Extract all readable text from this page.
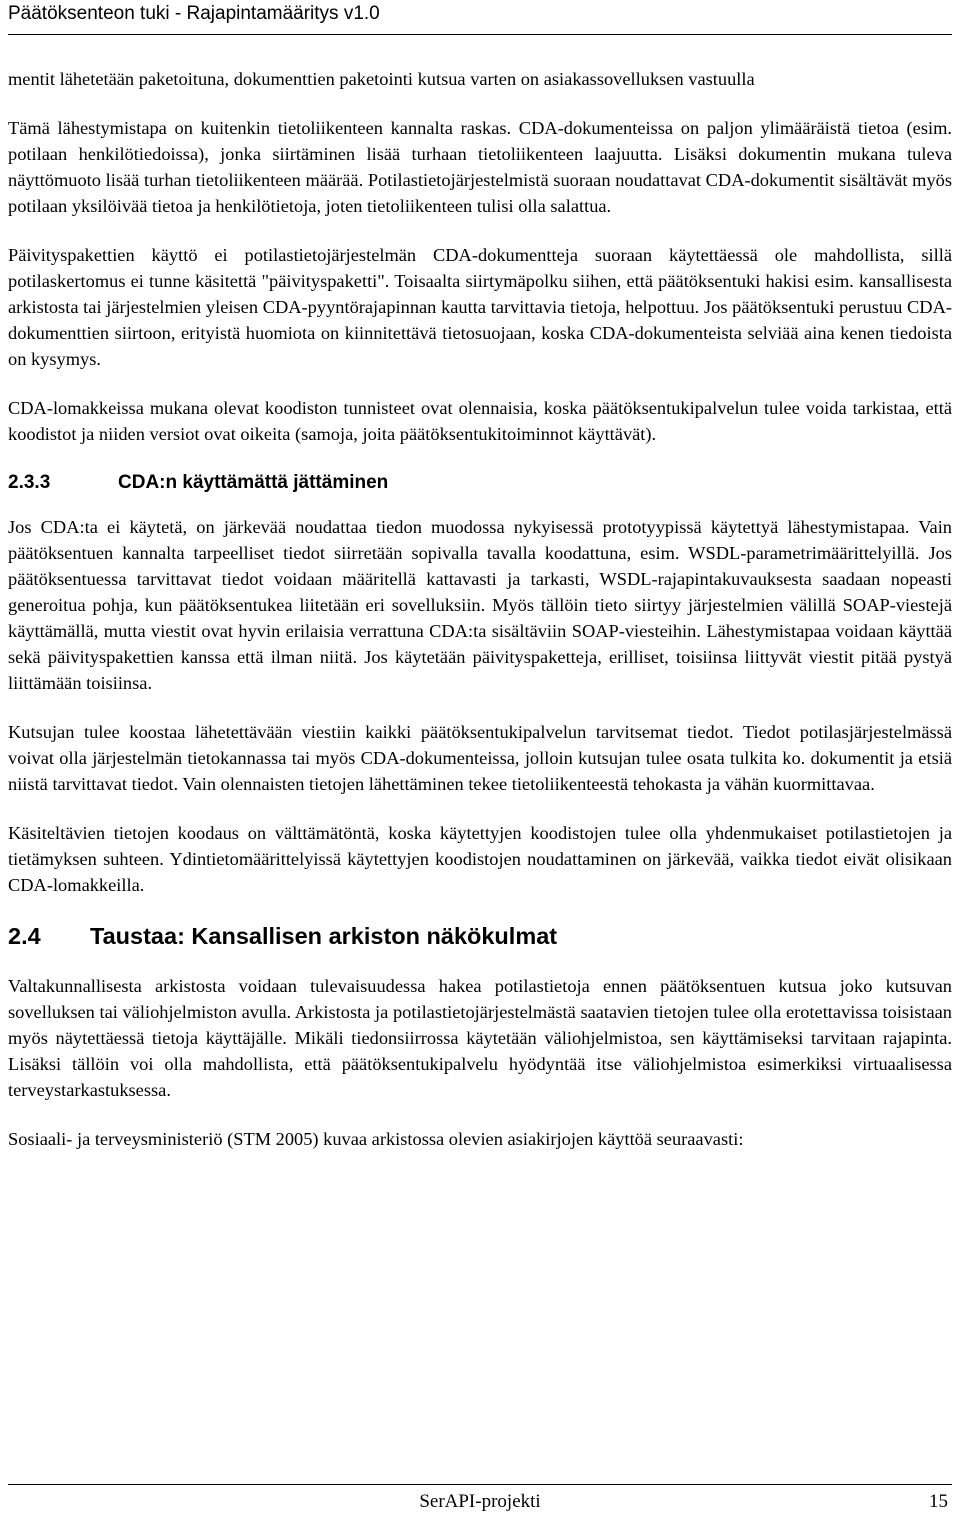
Päätöksenteon tuki - Rajapintamääritys v1.0

mentit lähetetään paketoituna, dokumenttien paketointi kutsua varten on asiakassovelluksen vastuulla

Tämä lähestymistapa on kuitenkin tietoliikenteen kannalta raskas. CDA-dokumenteissa on paljon ylimääräistä tietoa (esim. potilaan henkilötiedoissa), jonka siirtäminen lisää turhaan tietoliikenteen laajuutta. Lisäksi dokumentin mukana tuleva näyttömuoto lisää turhan tietoliikenteen määrää. Potilastietojärjestelmistä suoraan noudattavat CDA-dokumentit sisältävät myös potilaan yksilöivää tietoa ja henkilötietoja, joten tietoliikenteen tulisi olla salattua.

Päivityspakettien käyttö ei potilastietojärjestelmän CDA-dokumentteja suoraan käytettäessä ole mahdollista, sillä potilaskertomus ei tunne käsitettä "päivityspaketti". Toisaalta siirtymäpolku siihen, että päätöksentuki hakisi esim. kansallisesta arkistosta tai järjestelmien yleisen CDA-pyyntörajapinnan kautta tarvittavia tietoja, helpottuu. Jos päätöksentuki perustuu CDA-dokumenttien siirtoon, erityistä huomiota on kiinnitettävä tietosuojaan, koska CDA-dokumenteista selviää aina kenen tiedoista on kysymys.

CDA-lomakkeissa mukana olevat koodiston tunnisteet ovat olennaisia, koska päätöksentukipalvelun tulee voida tarkistaa, että koodistot ja niiden versiot ovat oikeita (samoja, joita päätöksentukitoiminnot käyttävät).

2.3.3	CDA:n käyttämättä jättäminen

Jos CDA:ta ei käytetä, on järkevää noudattaa tiedon muodossa nykyisessä prototyypissä käytettyä lähestymistapaa. Vain päätöksentuen kannalta tarpeelliset tiedot siirretään sopivalla tavalla koodattuna, esim. WSDL-parametrimäärittelyillä. Jos päätöksentuessa tarvittavat tiedot voidaan määritellä kattavasti ja tarkasti, WSDL-rajapintakuvauksesta saadaan nopeasti generoitua pohja, kun päätöksentukea liitetään eri sovelluksiin. Myös tällöin tieto siirtyy järjestelmien välillä SOAP-viestejä käyttämällä, mutta viestit ovat hyvin erilaisia verrattuna CDA:ta sisältäviin SOAP-viesteihin. Lähestymistapaa voidaan käyttää sekä päivityspakettien kanssa että ilman niitä. Jos käytetään päivityspaketteja, erilliset, toisiinsa liittyvät viestit pitää pystyä liittämään toisiinsa.

Kutsujan tulee koostaa lähetettävään viestiin kaikki päätöksentukipalvelun tarvitsemat tiedot. Tiedot potilasjärjestelmässä voivat olla järjestelmän tietokannassa tai myös CDA-dokumenteissa, jolloin kutsujan tulee osata tulkita ko. dokumentit ja etsiä niistä tarvittavat tiedot. Vain olennaisten tietojen lähettäminen tekee tietoliikenteestä tehokasta ja vähän kuormittavaa.

Käsiteltävien tietojen koodaus on välttämätöntä, koska käytettyjen koodistojen tulee olla yhdenmukaiset potilastietojen ja tietämyksen suhteen. Ydintietomäärittelyissä käytettyjen koodistojen noudattaminen on järkevää, vaikka tiedot eivät olisikaan CDA-lomakkeilla.

2.4	Taustaa: Kansallisen arkiston näkökulmat

Valtakunnallisesta arkistosta voidaan tulevaisuudessa hakea potilastietoja ennen päätöksentuen kutsua joko kutsuvan sovelluksen tai väliohjelmiston avulla. Arkistosta ja potilastietojärjestelmästä saatavien tietojen tulee olla erotettavissa toisistaan myös näytettäessä tietoja käyttäjälle. Mikäli tiedonsiirrossa käytetään väliohjelmistoa, sen käyttämiseksi tarvitaan rajapinta. Lisäksi tällöin voi olla mahdollista, että päätöksentukipalvelu hyödyntää itse väliohjelmistoa esimerkiksi virtuaalisessa terveystarkastuksessa.

Sosiaali- ja terveysministeriö (STM 2005) kuvaa arkistossa olevien asiakirjojen käyttöä seuraavasti:

SerAPI-projekti	15
